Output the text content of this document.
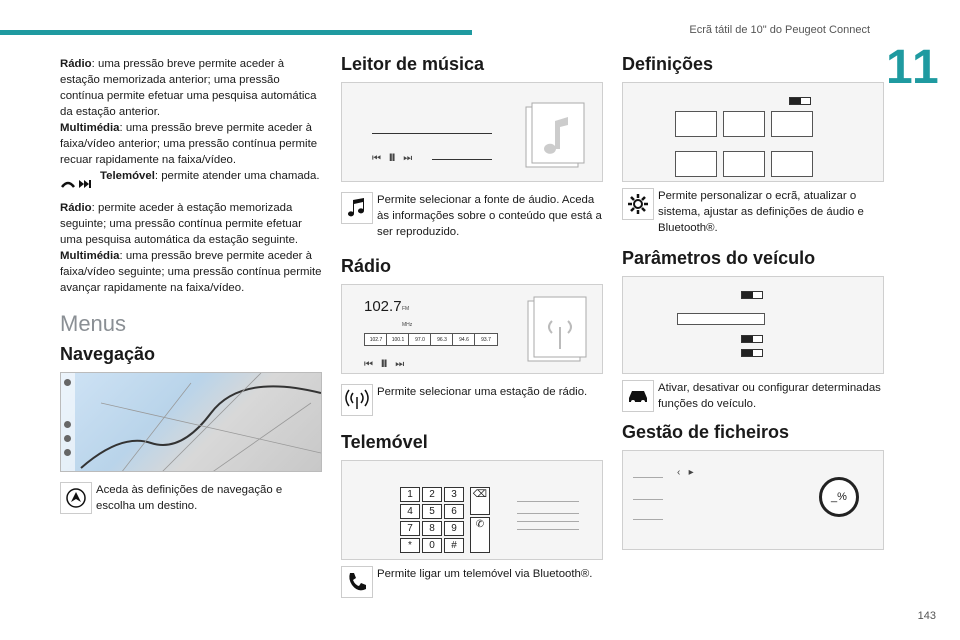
Ecrã tátil de 10" do Peugeot Connect
11
143

Rádio: uma pressão breve permite aceder à estação memorizada anterior; uma pressão contínua permite efetuar uma pesquisa automática da estação anterior.

Multimédia: uma pressão breve permite aceder à faixa/vídeo anterior; uma pressão contínua permite recuar rapidamente na faixa/vídeo.

Telemóvel: permite atender uma chamada.

Rádio: permite aceder à estação memorizada seguinte; uma pressão contínua permite efetuar uma pesquisa automática da estação seguinte.

Multimédia: uma pressão breve permite aceder à faixa/vídeo seguinte; uma pressão contínua permite avançar rapidamente na faixa/vídeo.

Menus
Navegação
Aceda às definições de navegação e escolha um destino.
Leitor de música
⏮   ❙❙   ⏭
Permite selecionar a fonte de áudio. Aceda às informações sobre o conteúdo que está a ser reproduzido.
Rádio
102.7 FM MHz
102.7	100.1	97.0	96.3	94.6	93.7
⏮   ❙❙   ⏭
Permite selecionar uma estação de rádio.
Telemóvel
1	2	3
4	5	6
7	8	9
*	0	#
⌫
✆
Permite ligar um telemóvel via Bluetooth®.
Definições
Permite personalizar o ecrã, atualizar o sistema, ajustar as definições de áudio e Bluetooth®.
Parâmetros do veículo
Ativar, desativar ou configurar determinadas funções do veículo.
Gestão de ficheiros
‹   ▸
_%
